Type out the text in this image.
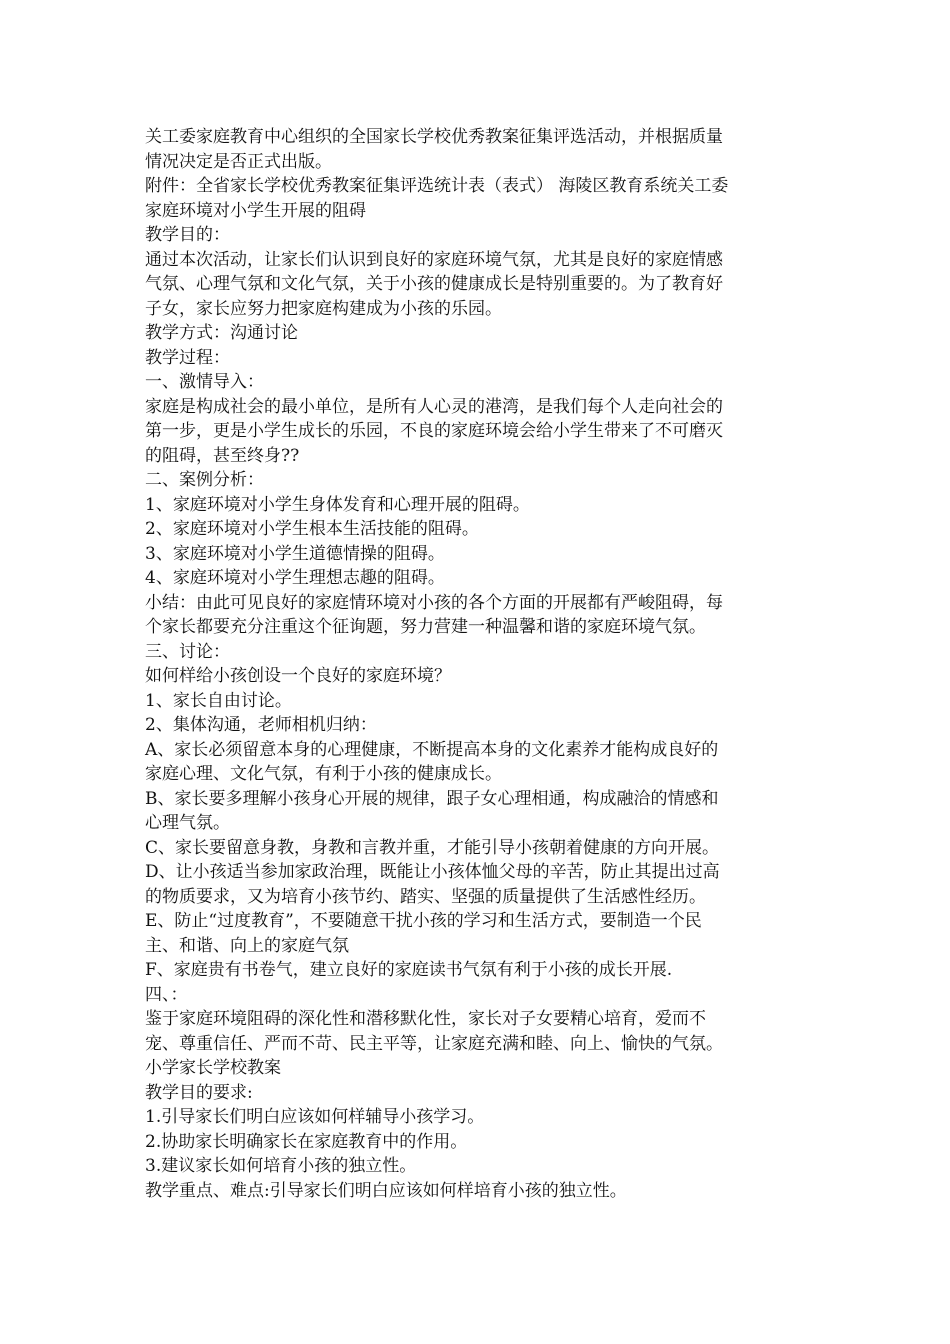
关工委家庭教育中心组织的全国家长学校优秀教案征集评选活动，并根据质量
情况决定是否正式出版。
附件：全省家长学校优秀教案征集评选统计表（表式） 海陵区教育系统关工委
家庭环境对小学生开展的阻碍
教学目的：
通过本次活动，让家长们认识到良好的家庭环境气氛，尤其是良好的家庭情感
气氛、心理气氛和文化气氛，关于小孩的健康成长是特别重要的。为了教育好
子女，家长应努力把家庭构建成为小孩的乐园。
教学方式：沟通讨论
教学过程：
一、激情导入：
家庭是构成社会的最小单位，是所有人心灵的港湾，是我们每个人走向社会的
第一步，更是小学生成长的乐园，不良的家庭环境会给小学生带来了不可磨灭
的阻碍，甚至终身??
二、案例分析：
1、家庭环境对小学生身体发育和心理开展的阻碍。
2、家庭环境对小学生根本生活技能的阻碍。
3、家庭环境对小学生道德情操的阻碍。
4、家庭环境对小学生理想志趣的阻碍。
小结：由此可见良好的家庭情环境对小孩的各个方面的开展都有严峻阻碍，每
个家长都要充分注重这个征询题，努力营建一种温馨和谐的家庭环境气氛。
三、讨论：
如何样给小孩创设一个良好的家庭环境？
1、家长自由讨论。
2、集体沟通，老师相机归纳：
A、家长必须留意本身的心理健康，不断提高本身的文化素养才能构成良好的
家庭心理、文化气氛，有利于小孩的健康成长。
B、家长要多理解小孩身心开展的规律，跟子女心理相通，构成融洽的情感和
心理气氛。
C、家长要留意身教，身教和言教并重，才能引导小孩朝着健康的方向开展。
D、让小孩适当参加家政治理，既能让小孩体恤父母的辛苦，防止其提出过高
的物质要求，又为培育小孩节约、踏实、坚强的质量提供了生活感性经历。
E、防止“过度教育”，不要随意干扰小孩的学习和生活方式，要制造一个民
主、和谐、向上的家庭气氛
F、家庭贵有书卷气，建立良好的家庭读书气氛有利于小孩的成长开展.
四、：
鉴于家庭环境阻碍的深化性和潜移默化性，家长对子女要精心培育，爱而不
宠、尊重信任、严而不苛、民主平等，让家庭充满和睦、向上、愉快的气氛。
小学家长学校教案
教学目的要求:
1.引导家长们明白应该如何样辅导小孩学习。
2.协助家长明确家长在家庭教育中的作用。
3.建议家长如何培育小孩的独立性。
教学重点、难点:引导家长们明白应该如何样培育小孩的独立性。
